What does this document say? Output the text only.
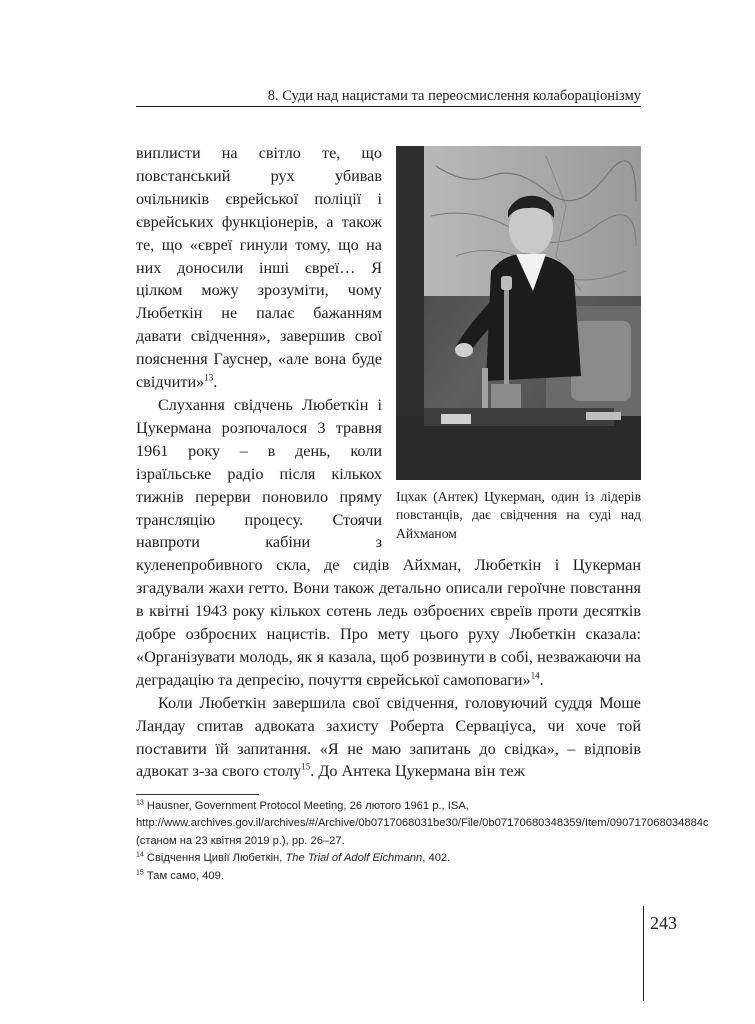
8. Суди над нацистами та переосмислення колабораціонізму
Іцхак (Антек) Цукерман, один із лідерів повстанців, дає свідчення на суді над Айхманом

виплисти на світло те, що повстанський рух убивав очільників єврейської поліції і єврейських функціонерів, а також те, що «євреї гинули тому, що на них доносили інші євреї… Я цілком можу зрозуміти, чому Любеткін не палає бажанням давати свідчення», завершив свої пояснення Гауснер, «але вона буде свідчити»$^{13}$.

Слухання свідчень Любеткін і Цукермана розпочалося 3 травня 1961 року – в день, коли ізраїльське радіо після кількох тижнів перерви поновило пряму трансляцію процесу. Стоячи навпроти кабіни з куленепробивного скла, де сидів Айхман, Любеткін і Цукерман згадували жахи гетто. Вони також детально описали героїчне повстання в квітні 1943 року кількох сотень ледь озброєних євреїв проти десятків добре озброєних нацистів. Про мету цього руху Любеткін сказала: «Організувати молодь, як я казала, щоб розвинути в собі, незважаючи на деградацію та депресію, почуття єврейської самоповаги»$^{14}$.

Коли Любеткін завершила свої свідчення, головуючий суддя Моше Ландау спитав адвоката захисту Роберта Серваціуса, чи хоче той поставити їй запитання. «Я не маю запитань до свідка», – відповів адвокат з-за свого столу$^{15}$. До Антека Цукермана він теж

$^{13}$ Hausner, Government Protocol Meeting, 26 лютого 1961 р., ISA, http://www.archives.gov.il/archives/#/Archive/0b0717068031be30/File/0b07170680348359/Item/090717068034884c (станом на 23 квітня 2019 р.), pp. 26–27.

$^{14}$ Свідчення Цивії Любеткін, The Trial of Adolf Eichmann, 402.

$^{15}$ Там само, 409.

243
